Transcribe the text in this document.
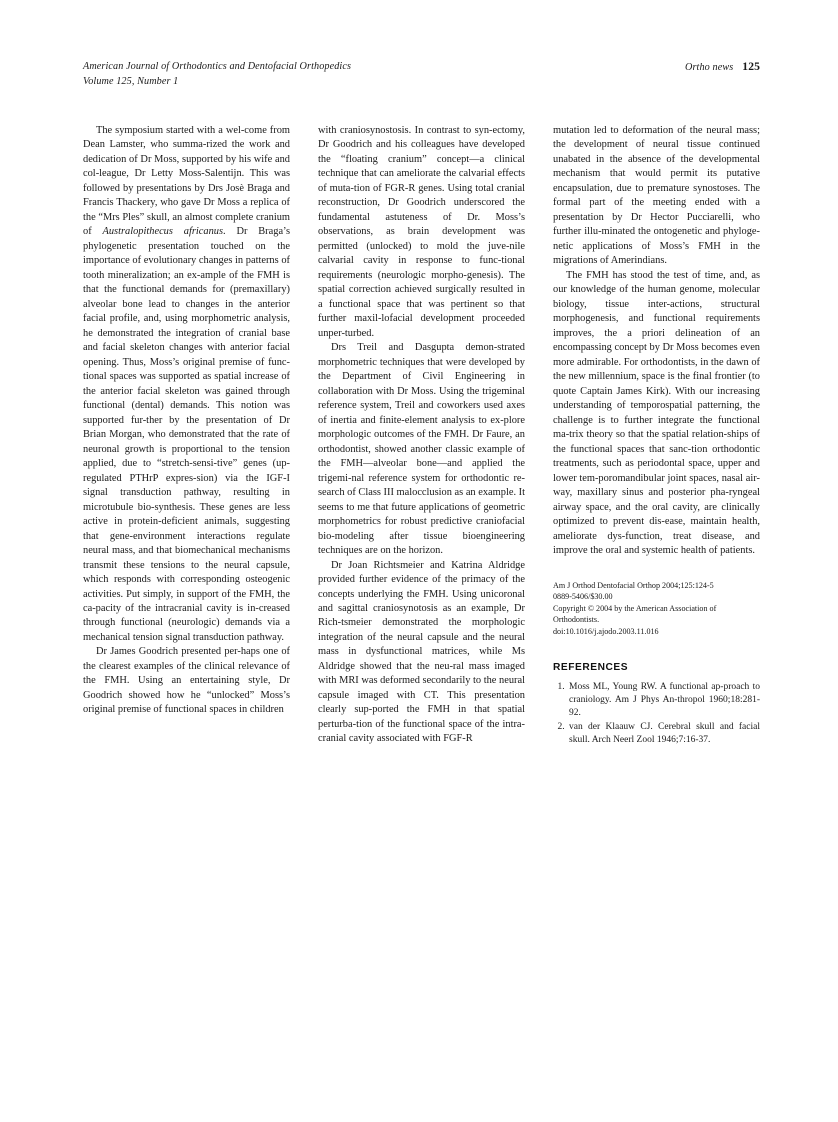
American Journal of Orthodontics and Dentofacial Orthopedics
Volume 125, Number 1
Ortho news 125

The symposium started with a wel-come from Dean Lamster, who summa-rized the work and dedication of Dr Moss, supported by his wife and col-league, Dr Letty Moss-Salentijn. This was followed by presentations by Drs Josè Braga and Francis Thackery, who gave Dr Moss a replica of the “Mrs Ples” skull, an almost complete cranium of Australopithecus africanus. Dr Braga’s phylogenetic presentation touched on the importance of evolutionary changes in patterns of tooth mineralization; an ex-ample of the FMH is that the functional demands for (premaxillary) alveolar bone lead to changes in the anterior facial profile, and, using morphometric analysis, he demonstrated the integration of cranial base and facial skeleton changes with anterior facial opening. Thus, Moss’s original premise of func-tional spaces was supported as spatial increase of the anterior facial skeleton was gained through functional (dental) demands. This notion was supported fur-ther by the presentation of Dr Brian Morgan, who demonstrated that the rate of neuronal growth is proportional to the tension applied, due to “stretch-sensi-tive” genes (up-regulated PTHrP expres-sion) via the IGF-I signal transduction pathway, resulting in microtubule bio-synthesis. These genes are less active in protein-deficient animals, suggesting that gene-environment interactions regulate neural mass, and that biomechanical mechanisms transmit these tensions to the neural capsule, which responds with corresponding osteogenic activities. Put simply, in support of the FMH, the ca-pacity of the intracranial cavity is in-creased through functional (neurologic) demands via a mechanical tension signal transduction pathway.

Dr James Goodrich presented per-haps one of the clearest examples of the clinical relevance of the FMH. Using an entertaining style, Dr Goodrich showed how he “unlocked” Moss’s original premise of functional spaces in children

with craniosynostosis. In contrast to syn-ectomy, Dr Goodrich and his colleagues have developed the “floating cranium” concept—a clinical technique that can ameliorate the calvarial effects of muta-tion of FGR-R genes. Using total cranial reconstruction, Dr Goodrich underscored the fundamental astuteness of Dr. Moss’s observations, as brain development was permitted (unlocked) to mold the juve-nile calvarial cavity in response to func-tional requirements (neurologic morpho-genesis). The spatial correction achieved surgically resulted in a functional space that was pertinent so that further maxil-lofacial development proceeded unper-turbed.

Drs Treil and Dasgupta demon-strated morphometric techniques that were developed by the Department of Civil Engineering in collaboration with Dr Moss. Using the trigeminal reference system, Treil and coworkers used axes of inertia and finite-element analysis to ex-plore morphologic outcomes of the FMH. Dr Faure, an orthodontist, showed another classic example of the FMH—alveolar bone—and applied the trigemi-nal reference system for orthodontic re-search of Class III malocclusion as an example. It seems to me that future applications of geometric morphometrics for robust predictive craniofacial bio-modeling after tissue bioengineering techniques are on the horizon.

Dr Joan Richtsmeier and Katrina Aldridge provided further evidence of the primacy of the concepts underlying the FMH. Using unicoronal and sagittal craniosynotosis as an example, Dr Rich-tsmeier demonstrated the morphologic integration of the neural capsule and the neural mass in dysfunctional matrices, while Ms Aldridge showed that the neu-ral mass imaged with MRI was deformed secondarily to the neural capsule imaged with CT. This presentation clearly sup-ported the FMH in that spatial perturba-tion of the functional space of the intra-cranial cavity associated with FGF-R

mutation led to deformation of the neural mass; the development of neural tissue continued unabated in the absence of the developmental mechanism that would permit its putative encapsulation, due to premature synostoses. The formal part of the meeting ended with a presentation by Dr Hector Pucciarelli, who further illu-minated the ontogenetic and phyloge-netic applications of Moss’s FMH in the migrations of Amerindians.

The FMH has stood the test of time, and, as our knowledge of the human genome, molecular biology, tissue inter-actions, structural morphogenesis, and functional requirements improves, the a priori delineation of an encompassing concept by Dr Moss becomes even more admirable. For orthodontists, in the dawn of the new millennium, space is the final frontier (to quote Captain James Kirk). With our increasing understanding of temporospatial patterning, the challenge is to further integrate the functional ma-trix theory so that the spatial relation-ships of the functional spaces that sanc-tion orthodontic treatments, such as periodontal space, upper and lower tem-poromandibular joint spaces, nasal air-way, maxillary sinus and posterior pha-ryngeal airway space, and the oral cavity, are clinically optimized to prevent dis-ease, maintain health, ameliorate dys-function, treat disease, and improve the oral and systemic health of patients.

Am J Orthod Dentofacial Orthop 2004;125:124-5
0889-5406/$30.00
Copyright © 2004 by the American Association of Orthodontists.
doi:10.1016/j.ajodo.2003.11.016
REFERENCES
1. Moss ML, Young RW. A functional ap-proach to craniology. Am J Phys An-thropol 1960;18:281-92.
2. van der Klaauw CJ. Cerebral skull and facial skull. Arch Neerl Zool 1946;7:16-37.
